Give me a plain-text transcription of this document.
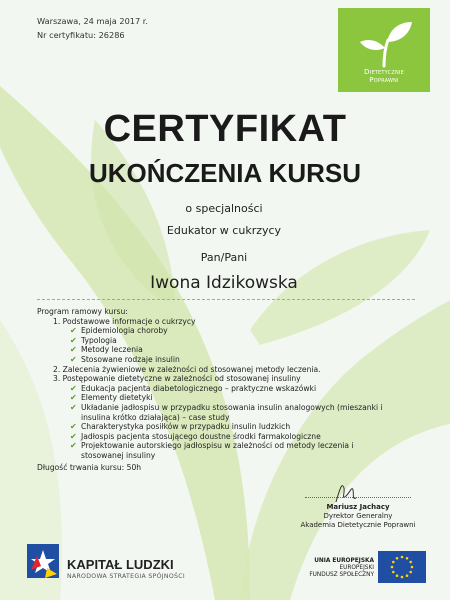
Warszawa, 24 maja 2017 r.
Nr certyfikatu: 26286
Dietetycznie
Poprawni
CERTYFIKAT
UKOŃCZENIA KURSU
o specjalności
Edukator w cukrzycy
Pan/Pani
Iwona Idzikowska
Program ramowy kursu:
1. Podstawowe informacje o cukrzycy
✔ Epidemiologia choroby
✔ Typologia
✔ Metody leczenia
✔ Stosowane rodzaje insulin
2. Zalecenia żywieniowe w zależności od stosowanej metody leczenia.
3. Postępowanie dietetyczne w zależności od stosowanej insuliny
✔ Edukacja pacjenta diabetologicznego – praktyczne wskazówki
✔ Elementy dietetyki
✔ Układanie jadłospisu w przypadku stosowania insulin analogowych (mieszanki i insulina krótko działająca) – case study
✔ Charakterystyka posiłków w przypadku insulin ludzkich
✔ Jadłospis pacjenta stosującego doustne środki farmakologiczne
✔ Projektowanie autorskiego jadłospisu w zależności od metody leczenia i stosowanej insuliny
Długość trwania kursu: 50h
Mariusz Jachacy
Dyrektor Generalny
Akademia Dietetycznie Poprawni
KAPITAŁ LUDZKI
NARODOWA STRATEGIA SPÓJNOŚCI
UNIA EUROPEJSKA
EUROPEJSKI
FUNDUSZ SPOŁECZNY
